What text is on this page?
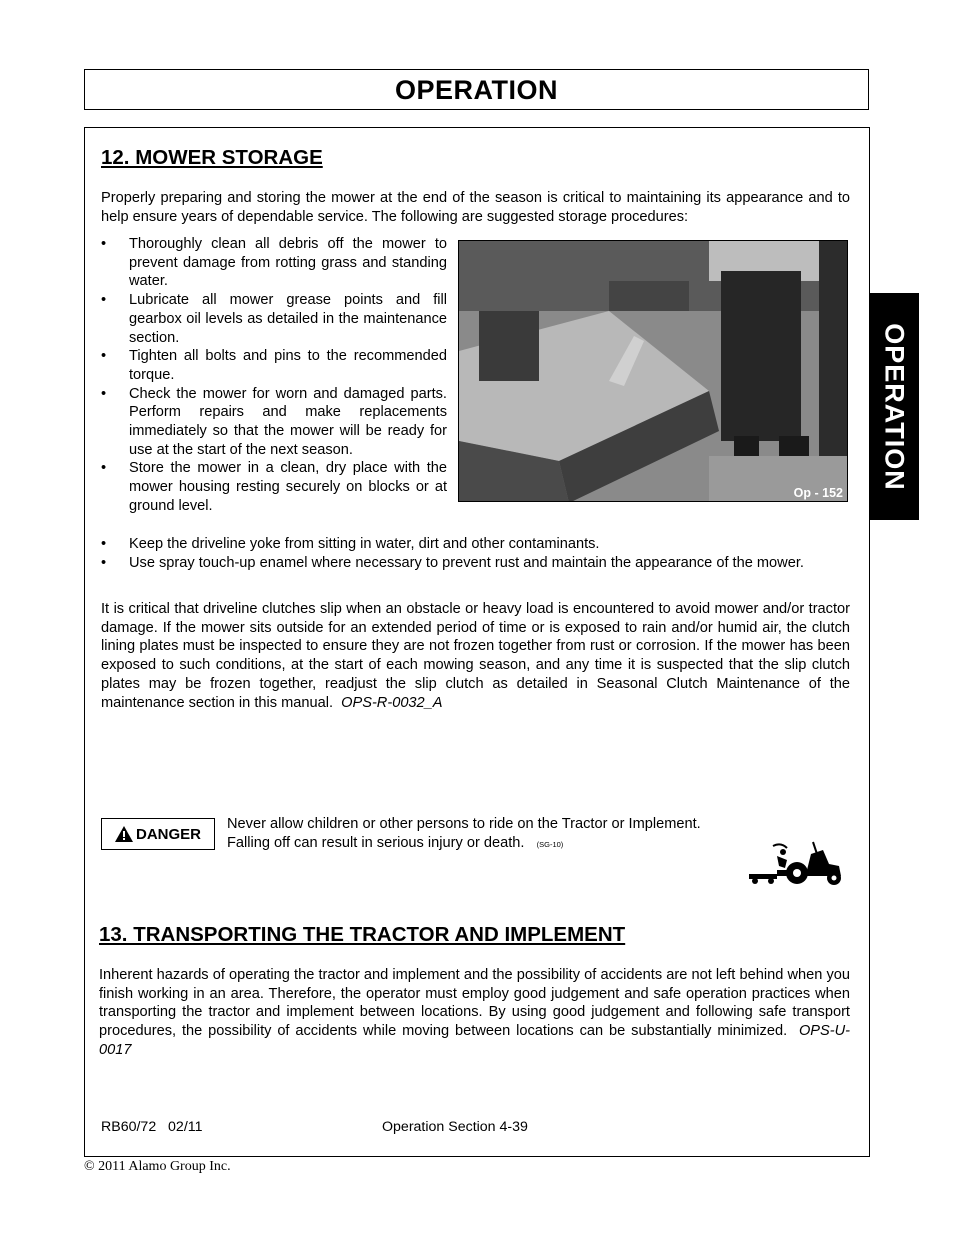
OPERATION
OPERATION
12. MOWER STORAGE
Properly preparing and storing the mower at the end of the season is critical to maintaining its appearance and to help ensure years of dependable service. The following are suggested storage procedures:
• Thoroughly clean all debris off the mower to prevent damage from rotting grass and standing water.
• Lubricate all mower grease points and fill gearbox oil levels as detailed in the maintenance section.
• Tighten all bolts and pins to the recommended torque.
• Check the mower for worn and damaged parts. Perform repairs and make replacements immediately so that the mower will be ready for use at the start of the next season.
• Store the mower in a clean, dry place with the mower housing resting securely on blocks or at ground level.
Op - 152
• Keep the driveline yoke from sitting in water, dirt and other contaminants.
• Use spray touch-up enamel where necessary to prevent rust and maintain the appearance of the mower.
It is critical that driveline clutches slip when an obstacle or heavy load is encountered to avoid mower and/or tractor damage. If the mower sits outside for an extended period of time or is exposed to rain and/or humid air, the clutch lining plates must be inspected to ensure they are not frozen together from rust or corrosion. If the mower has been exposed to such conditions, at the start of each mowing season, and any time it is suspected that the slip clutch plates may be frozen together, readjust the slip clutch as detailed in Seasonal Clutch Maintenance of the maintenance section in this manual. OPS-R-0032_A
DANGER
Never allow children or other persons to ride on the Tractor or Implement.
Falling off can result in serious injury or death. (SG-10)
13. TRANSPORTING THE TRACTOR AND IMPLEMENT
Inherent hazards of operating the tractor and implement and the possibility of accidents are not left behind when you finish working in an area. Therefore, the operator must employ good judgement and safe operation practices when transporting the tractor and implement between locations. By using good judgement and following safe transport procedures, the possibility of accidents while moving between locations can be substantially minimized. OPS-U- 0017
RB60/72   02/11	Operation Section 4-39
© 2011 Alamo Group Inc.
